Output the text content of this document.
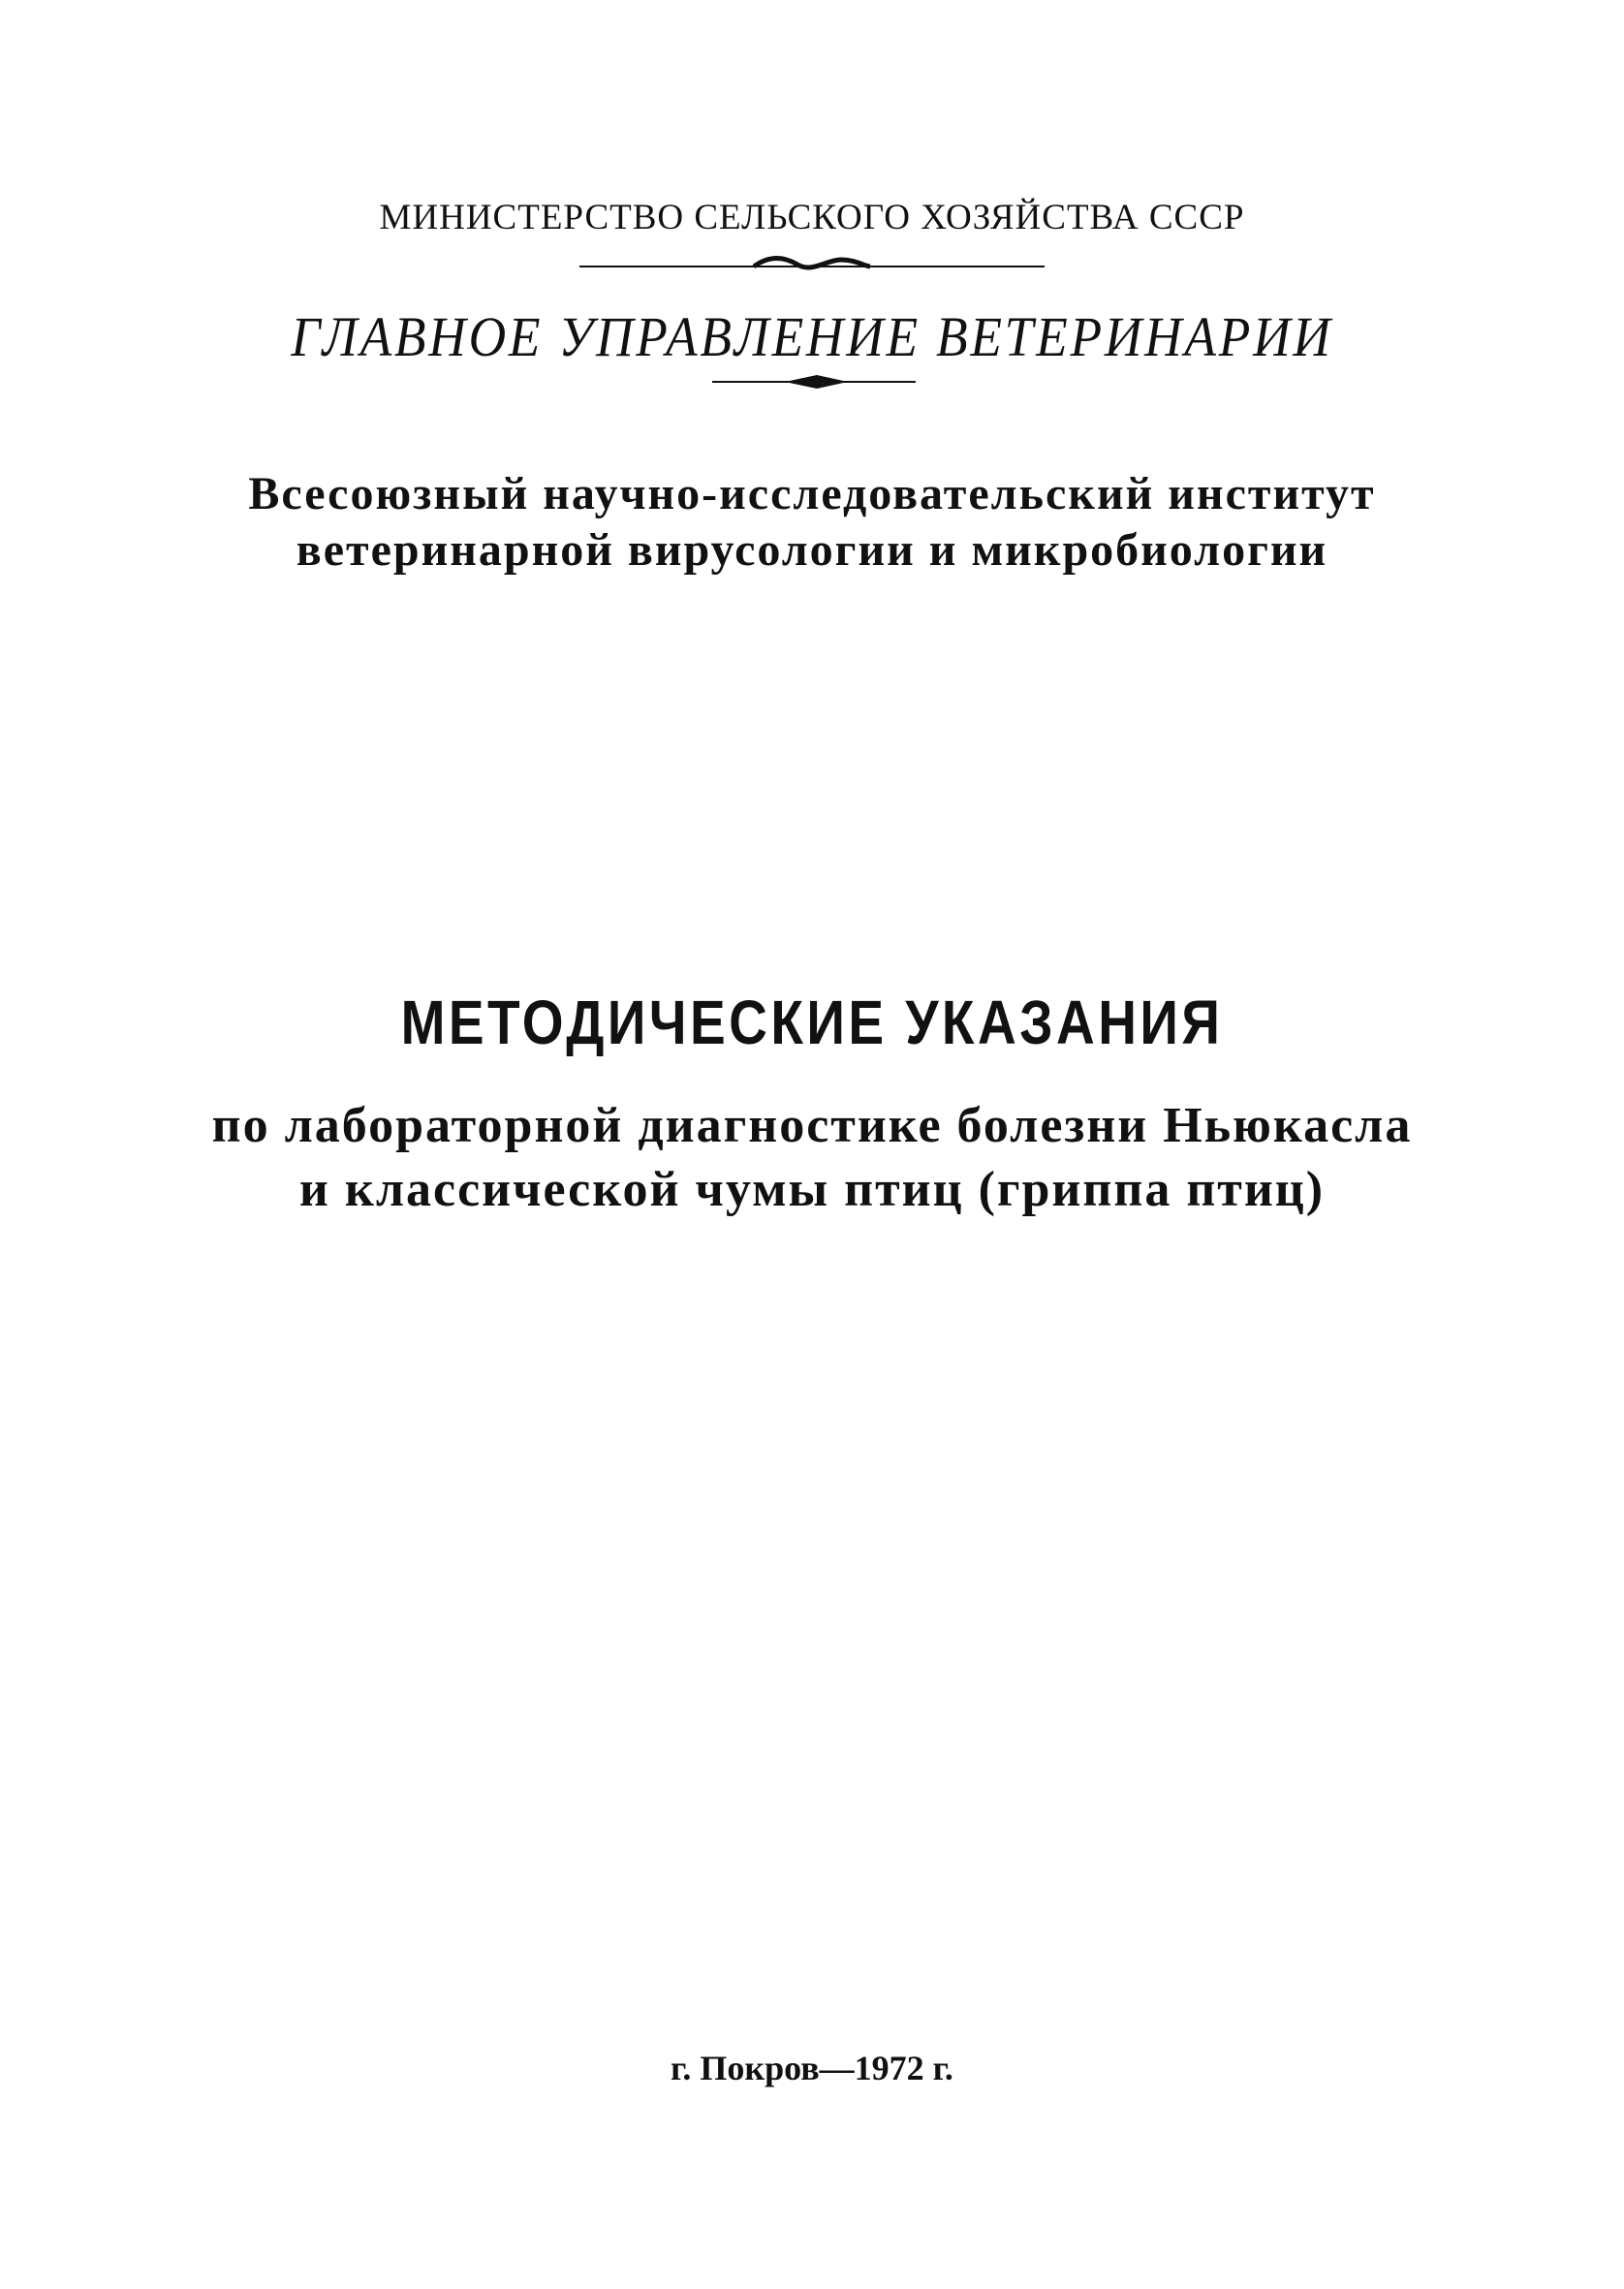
МИНИСТЕРСТВО СЕЛЬСКОГО ХОЗЯЙСТВА СССР
ГЛАВНОЕ УПРАВЛЕНИЕ ВЕТЕРИНАРИИ
Всесоюзный научно-исследовательский институт
ветеринарной вирусологии и микробиологии
МЕТОДИЧЕСКИЕ УКАЗАНИЯ
по лабораторной диагностике болезни Ньюкасла
и классической чумы птиц (гриппа птиц)
г. Покров—1972 г.
